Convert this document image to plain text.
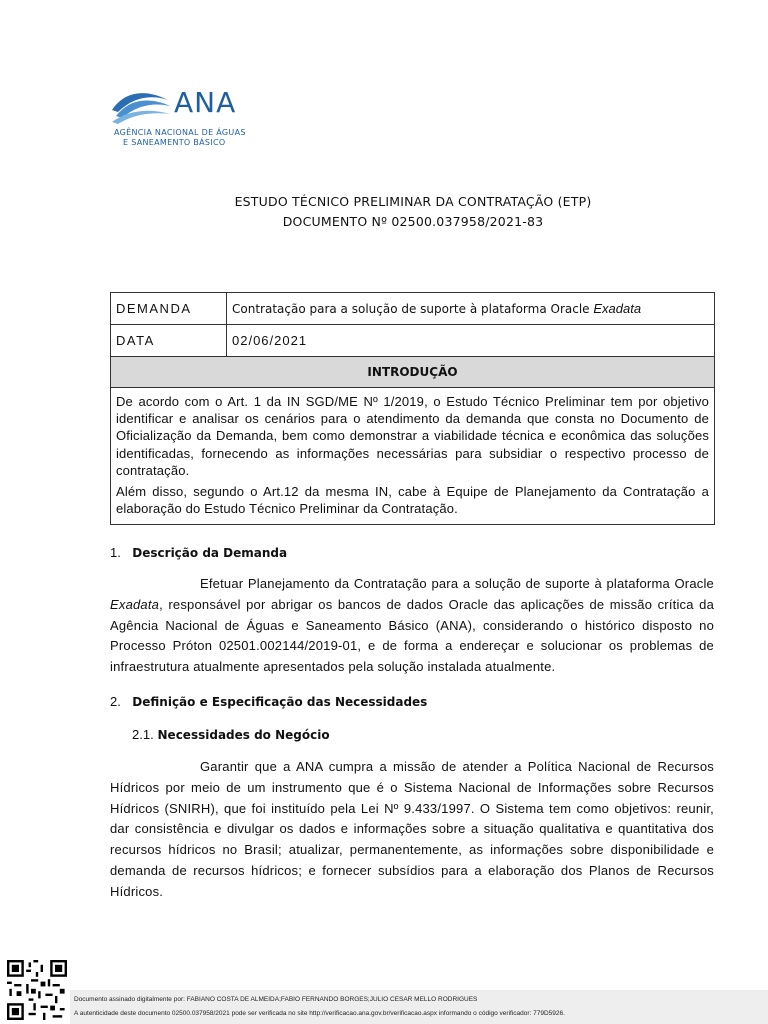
ANA
AGÊNCIA NACIONAL DE ÁGUAS
E SANEAMENTO BÁSICO
ESTUDO TÉCNICO PRELIMINAR DA CONTRATAÇÃO (ETP)
DOCUMENTO Nº 02500.037958/2021-83
DEMANDA	Contratação para a solução de suporte à plataforma Oracle Exadata
DATA	02/06/2021
INTRODUÇÃO	

De acordo com o Art. 1 da IN SGD/ME Nº 1/2019, o Estudo Técnico Preliminar tem por objetivo identificar e analisar os cenários para o atendimento da demanda que consta no Documento de Oficialização da Demanda, bem como demonstrar a viabilidade técnica e econômica das soluções identificadas, fornecendo as informações necessárias para subsidiar o respectivo processo de contratação.

Além disso, segundo o Art.12 da mesma IN, cabe à Equipe de Planejamento da Contratação a elaboração do Estudo Técnico Preliminar da Contratação.	

1. Descrição da Demanda
Efetuar Planejamento da Contratação para a solução de suporte à plataforma Oracle Exadata, responsável por abrigar os bancos de dados Oracle das aplicações de missão crítica da Agência Nacional de Águas e Saneamento Básico (ANA), considerando o histórico disposto no Processo Próton 02501.002144/2019-01, e de forma a endereçar e solucionar os problemas de infraestrutura atualmente apresentados pela solução instalada atualmente.
2. Definição e Especificação das Necessidades
2.1. Necessidades do Negócio
Garantir que a ANA cumpra a missão de atender a Política Nacional de Recursos Hídricos por meio de um instrumento que é o Sistema Nacional de Informações sobre Recursos Hídricos (SNIRH), que foi instituído pela Lei Nº 9.433/1997. O Sistema tem como objetivos: reunir, dar consistência e divulgar os dados e informações sobre a situação qualitativa e quantitativa dos recursos hídricos no Brasil; atualizar, permanentemente, as informações sobre disponibilidade e demanda de recursos hídricos; e fornecer subsídios para a elaboração dos Planos de Recursos Hídricos.
Documento assinado digitalmente por: FABIANO COSTA DE ALMEIDA;FABIO FERNANDO BORGES;JULIO CESAR MELLO RODRIGUES
A autenticidade deste documento 02500.037958/2021 pode ser verificada no site http://verificacao.ana.gov.br/verificacao.aspx informando o código verificador: 779D5926.
